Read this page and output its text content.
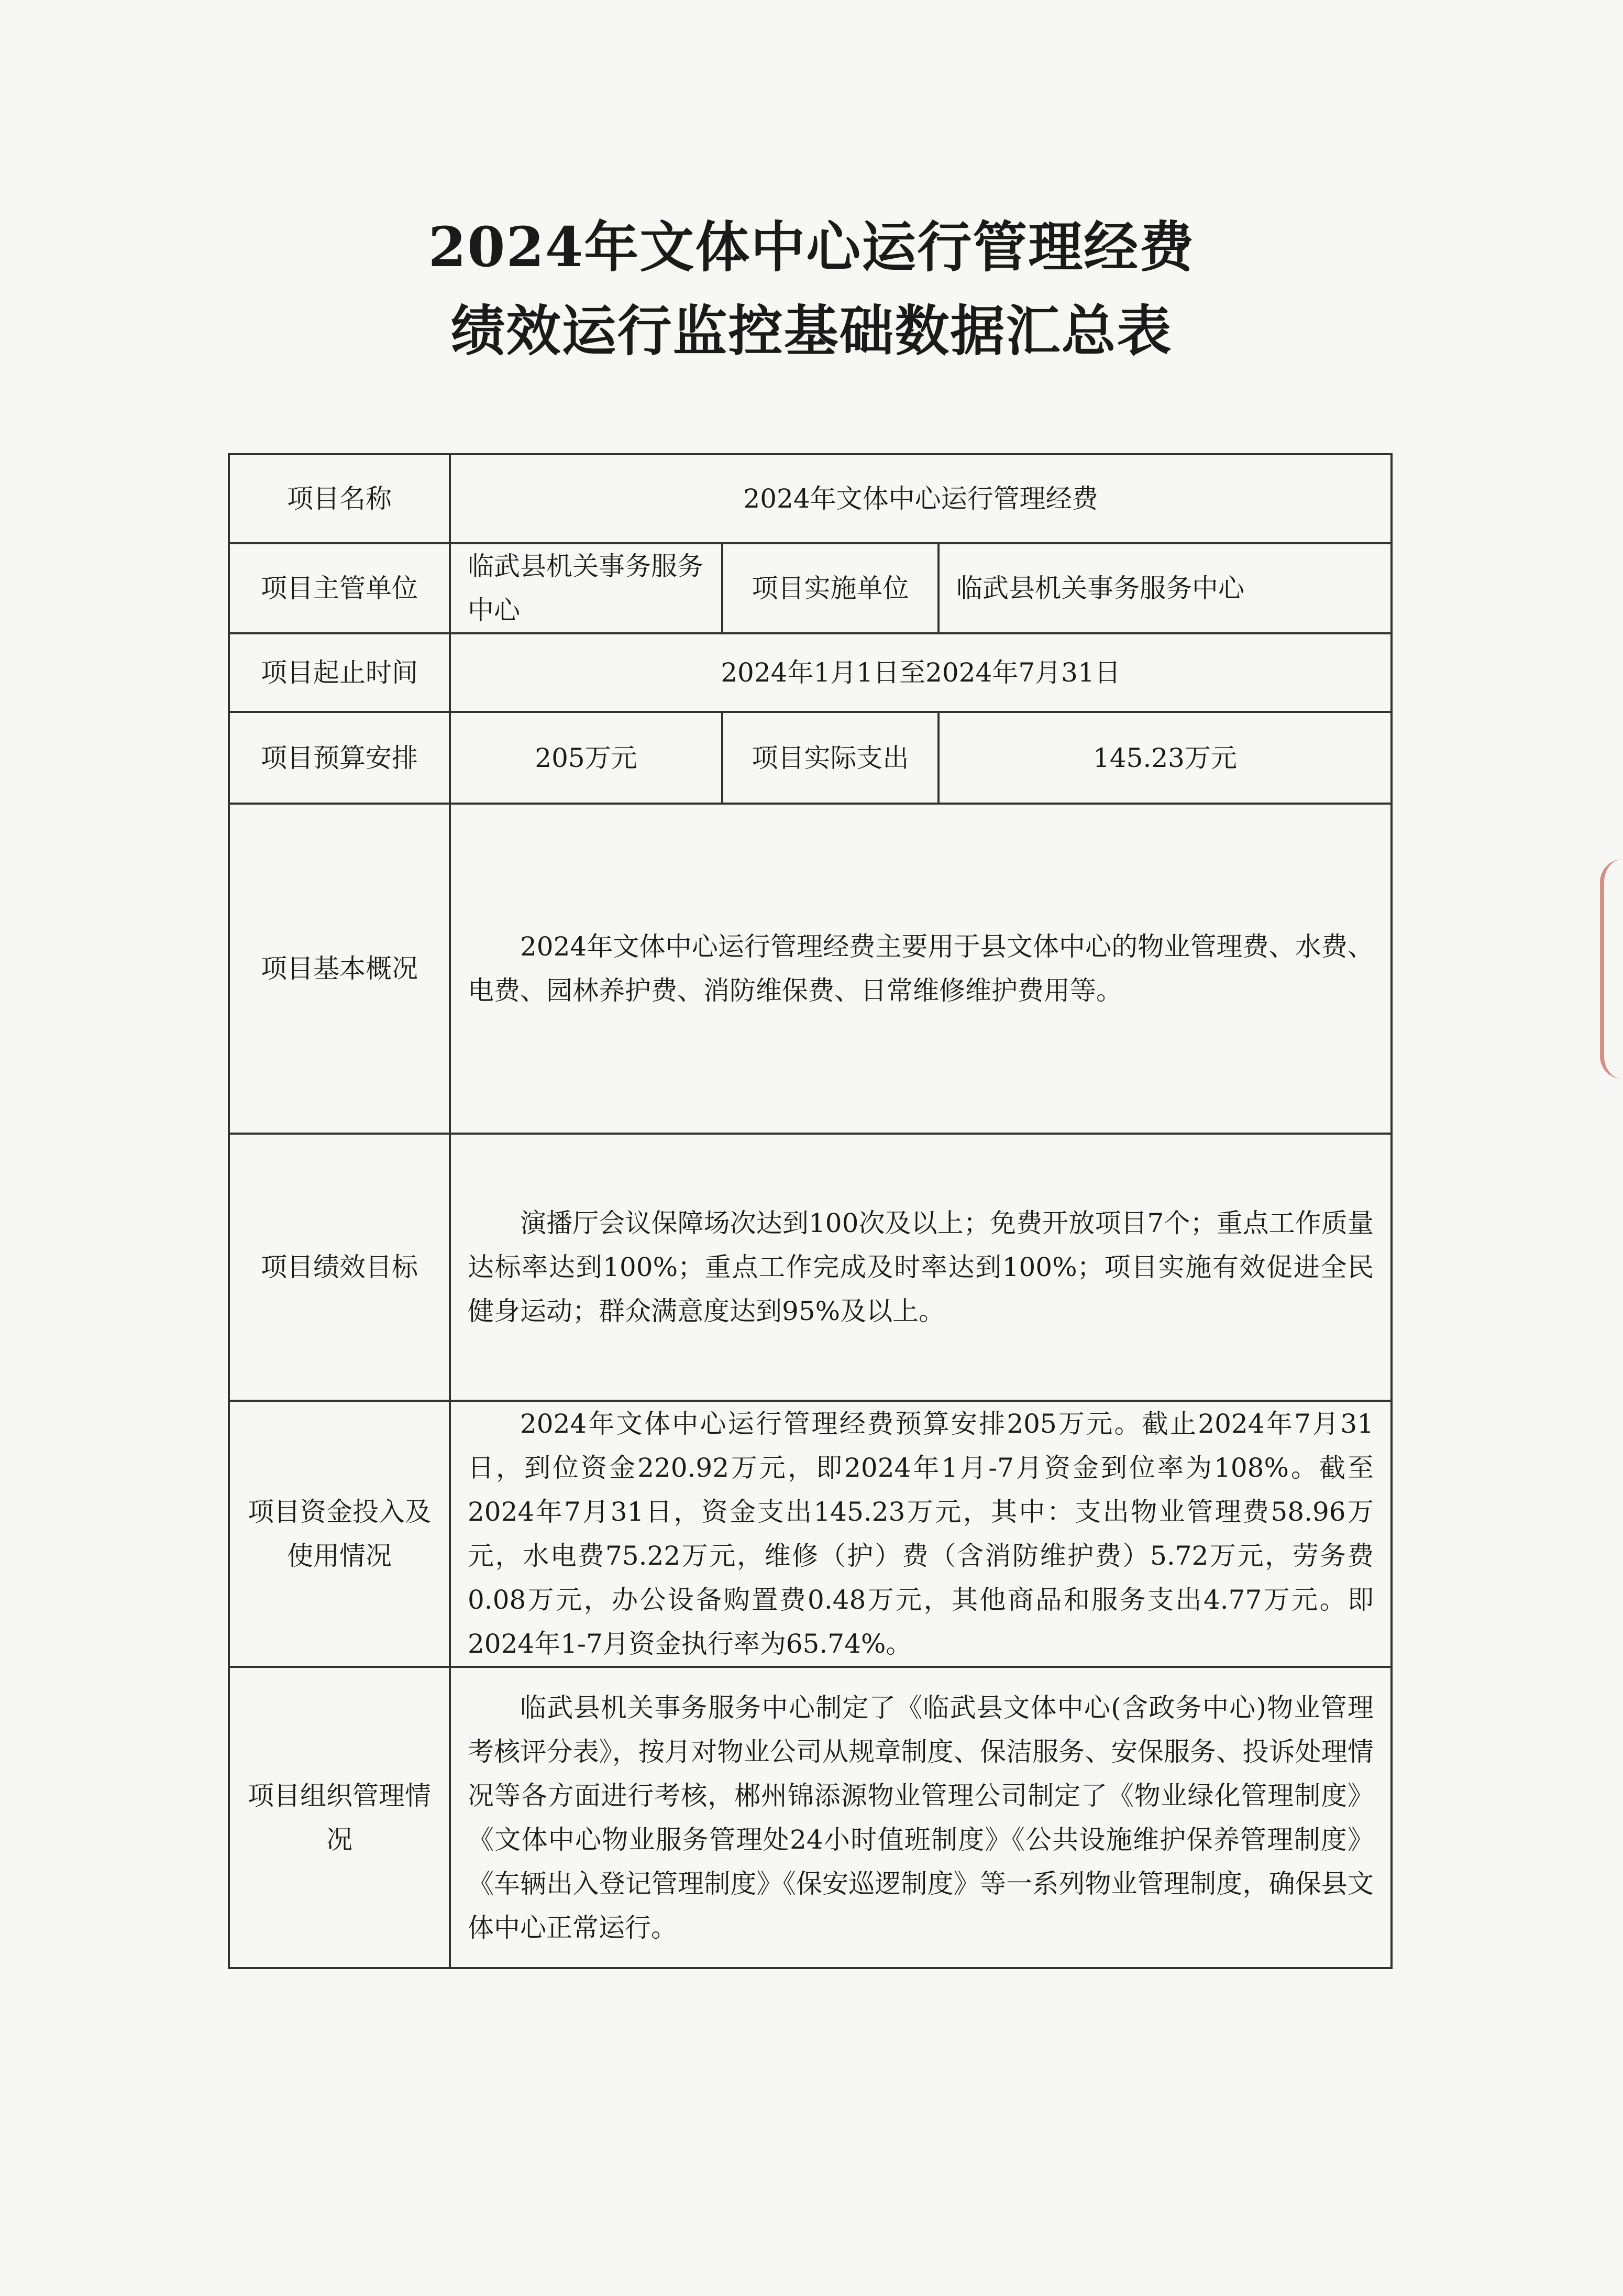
2024年文体中心运行管理经费
绩效运行监控基础数据汇总表
项目名称	2024年文体中心运行管理经费		
项目主管单位	临武县机关事务服务中心	项目实施单位	临武县机关事务服务中心
项目起止时间	2024年1月1日至2024年7月31日		
项目预算安排	205万元	项目实际支出	145.23万元
项目基本概况	2024年文体中心运行管理经费主要用于县文体中心的物业管理费、水费、电费、园林养护费、消防维保费、日常维修维护费用等。		
项目绩效目标	演播厅会议保障场次达到100次及以上；免费开放项目7个；重点工作质量达标率达到100%；重点工作完成及时率达到100%；项目实施有效促进全民健身运动；群众满意度达到95%及以上。		
项目资金投入及使用情况	2024年文体中心运行管理经费预算安排205万元。截止2024年7月31日，到位资金220.92万元，即2024年1月-7月资金到位率为108%。截至2024年7月31日，资金支出145.23万元，其中：支出物业管理费58.96万元，水电费75.22万元，维修（护）费（含消防维护费）5.72万元，劳务费0.08万元，办公设备购置费0.48万元，其他商品和服务支出4.77万元。即2024年1-7月资金执行率为65.74%。		
项目组织管理情况	临武县机关事务服务中心制定了《临武县文体中心(含政务中心)物业管理考核评分表》，按月对物业公司从规章制度、保洁服务、安保服务、投诉处理情况等各方面进行考核，郴州锦添源物业管理公司制定了《物业绿化管理制度》《文体中心物业服务管理处24小时值班制度》《公共设施维护保养管理制度》《车辆出入登记管理制度》《保安巡逻制度》等一系列物业管理制度，确保县文体中心正常运行。		
